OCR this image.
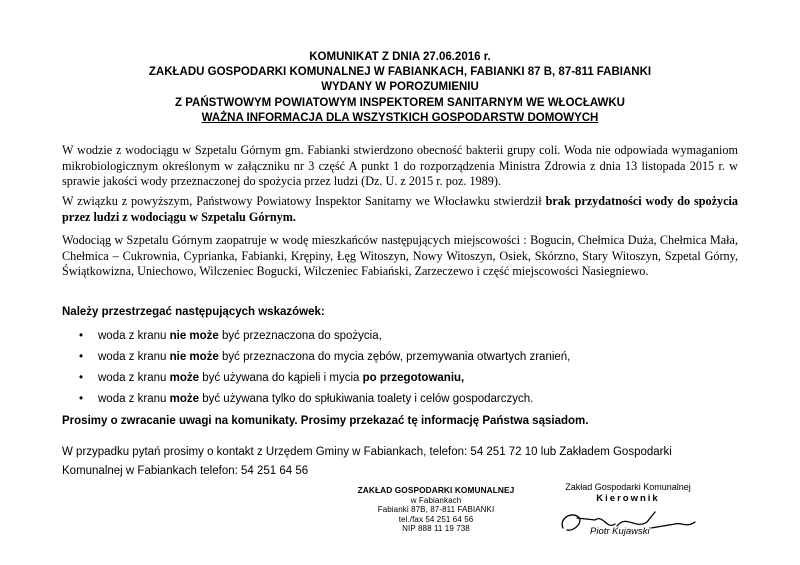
KOMUNIKAT Z DNIA 27.06.2016 r.
ZAKŁADU GOSPODARKI KOMUNALNEJ W FABIANKACH, FABIANKI 87 B, 87-811 FABIANKI
WYDANY W POROZUMIENIU
Z PAŃSTWOWYM POWIATOWYM INSPEKTOREM SANITARNYM WE WŁOCŁAWKU
WAŻNA INFORMACJA DLA WSZYSTKICH GOSPODARSTW DOMOWYCH
W wodzie z wodociągu w Szpetalu Górnym gm. Fabianki stwierdzono obecność bakterii grupy coli. Woda nie odpowiada wymaganiom mikrobiologicznym określonym w załączniku nr 3 część A punkt 1 do rozporządzenia Ministra Zdrowia z dnia 13 listopada 2015 r. w sprawie jakości wody przeznaczonej do spożycia przez ludzi (Dz. U. z 2015 r. poz. 1989).
W związku z powyższym, Państwowy Powiatowy Inspektor Sanitarny we Włocławku stwierdził brak przydatności wody do spożycia przez ludzi z wodociągu w Szpetalu Górnym.
Wodociąg w Szpetalu Górnym zaopatruje w wodę mieszkańców następujących miejscowości : Bogucin, Chełmica Duża, Chełmica Mała, Chełmica – Cukrownia, Cyprianka, Fabianki, Krępiny, Łęg Witoszyn, Nowy Witoszyn, Osiek, Skórzno, Stary Witoszyn, Szpetal Górny, Świątkowizna, Uniechowo, Wilczeniec Bogucki, Wilczeniec Fabiański, Zarzeczewo i część miejscowości Nasiegniewo.
Należy przestrzegać następujących wskazówek:
• woda z kranu nie może być przeznaczona do spożycia,
• woda z kranu nie może być przeznaczona do mycia zębów, przemywania otwartych zranień,
• woda z kranu może być używana do kąpieli i mycia po przegotowaniu,
• woda z kranu może być używana tylko do spłukiwania toalety i celów gospodarczych.
Prosimy o zwracanie uwagi na komunikaty. Prosimy przekazać tę informację Państwa sąsiadom.
W przypadku pytań prosimy o kontakt z Urzędem Gminy w Fabiankach, telefon: 54 251 72 10 lub Zakładem Gospodarki
Komunalnej w Fabiankach telefon: 54 251 64 56
ZAKŁAD GOSPODARKI KOMUNALNEJ
w Fabiankach
Fabianki 87B, 87-811 FABIANKI
tel./fax 54 251 64 56
NIP 888 11 19 738
Zakład Gospodarki Komunalnej
Kierownik
Piotr Kujawski
